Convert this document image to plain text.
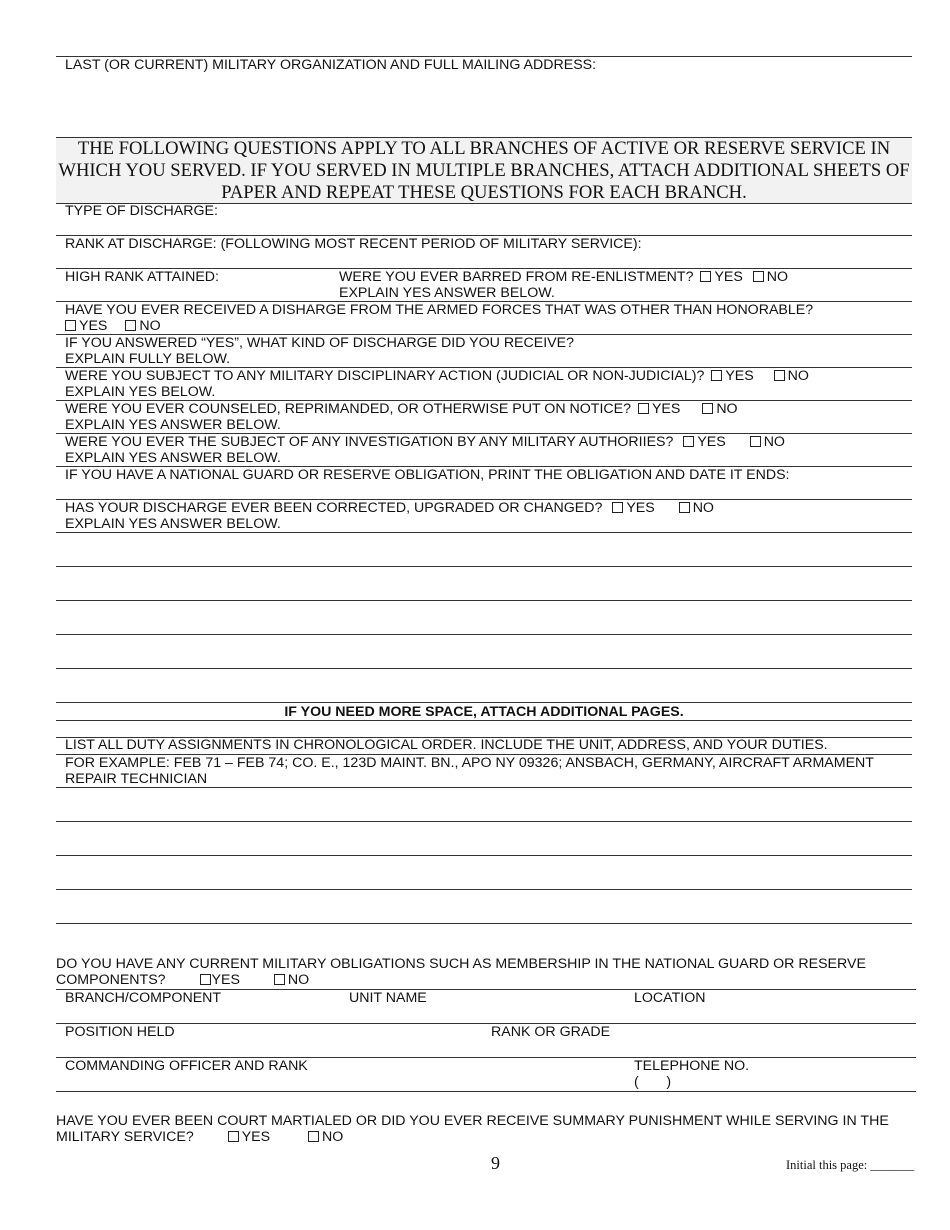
LAST (OR CURRENT) MILITARY ORGANIZATION AND FULL MAILING ADDRESS:
THE FOLLOWING QUESTIONS APPLY TO ALL BRANCHES OF ACTIVE OR RESERVE SERVICE IN WHICH YOU SERVED. IF YOU SERVED IN MULTIPLE BRANCHES, ATTACH ADDITIONAL SHEETS OF PAPER AND REPEAT THESE QUESTIONS FOR EACH BRANCH.
TYPE OF DISCHARGE:
RANK AT DISCHARGE: (FOLLOWING MOST RECENT PERIOD OF MILITARY SERVICE):
HIGH RANK ATTAINED:	WERE YOU EVER BARRED FROM RE-ENLISTMENT? YES NO
EXPLAIN YES ANSWER BELOW.
HAVE YOU EVER RECEIVED A DISHARGE FROM THE ARMED FORCES THAT WAS OTHER THAN HONORABLE?
YES NO
IF YOU ANSWERED “YES”, WHAT KIND OF DISCHARGE DID YOU RECEIVE?
EXPLAIN FULLY BELOW.
WERE YOU SUBJECT TO ANY MILITARY DISCIPLINARY ACTION (JUDICIAL OR NON-JUDICIAL)? YES NO
EXPLAIN YES BELOW.
WERE YOU EVER COUNSELED, REPRIMANDED, OR OTHERWISE PUT ON NOTICE? YES	NO
EXPLAIN YES ANSWER BELOW.
WERE YOU EVER THE SUBJECT OF ANY INVESTIGATION BY ANY MILITARY AUTHORIIES? YES	NO
EXPLAIN YES ANSWER BELOW.
IF YOU HAVE A NATIONAL GUARD OR RESERVE OBLIGATION, PRINT THE OBLIGATION AND DATE IT ENDS:
HAS YOUR DISCHARGE EVER BEEN CORRECTED, UPGRADED OR CHANGED? YES	NO
EXPLAIN YES ANSWER BELOW.
IF YOU NEED MORE SPACE, ATTACH ADDITIONAL PAGES.
LIST ALL DUTY ASSIGNMENTS IN CHRONOLOGICAL ORDER. INCLUDE THE UNIT, ADDRESS, AND YOUR DUTIES.
FOR EXAMPLE: FEB 71 – FEB 74; CO. E., 123D MAINT. BN., APO NY 09326; ANSBACH, GERMANY, AIRCRAFT ARMAMENT
REPAIR TECHNICIAN
DO YOU HAVE ANY CURRENT MILITARY OBLIGATIONS SUCH AS MEMBERSHIP IN THE NATIONAL GUARD OR RESERVE
COMPONENTS?	YES	NO
BRANCH/COMPONENT	UNIT NAME	LOCATION
POSITION HELD	RANK OR GRADE
COMMANDING OFFICER AND RANK	TELEPHONE NO.
(       )
HAVE YOU EVER BEEN COURT MARTIALED OR DID YOU EVER RECEIVE SUMMARY PUNISHMENT WHILE SERVING IN THE
MILITARY SERVICE?	YES	NO
9	Initial this page: _______
